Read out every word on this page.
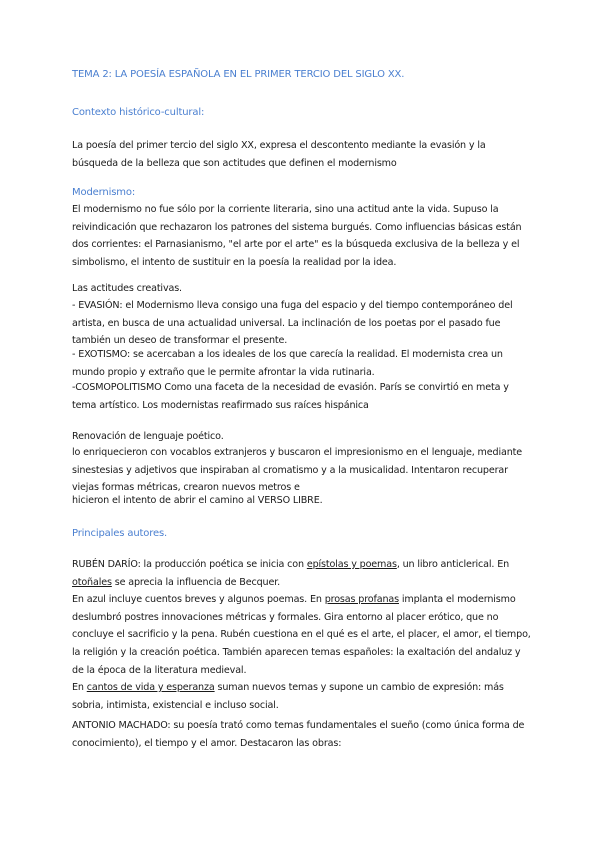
TEMA 2: LA POESÍA ESPAÑOLA EN EL PRIMER TERCIO DEL SIGLO XX.
Contexto histórico-cultural:

La poesía del primer tercio del siglo XX, expresa el descontento mediante la evasión y la búsqueda de la belleza que son actitudes que definen el modernismo

Modernismo:

El modernismo no fue sólo por la corriente literaria, sino una actitud ante la vida. Supuso la reivindicación que rechazaron los patrones del sistema burgués. Como influencias básicas están dos corrientes: el Parnasianismo, "el arte por el arte" es la búsqueda exclusiva de la belleza y el simbolismo, el intento de sustituir en la poesía la realidad por la idea.

Las actitudes creativas.

- EVASIÓN: el Modernismo lleva consigo una fuga del espacio y del tiempo contemporáneo del artista, en busca de una actualidad universal. La inclinación de los poetas por el pasado fue también un deseo de transformar el presente.

- EXOTISMO: se acercaban a los ideales de los que carecía la realidad. El modernista crea un mundo propio y extraño que le permite afrontar la vida rutinaria.

-COSMOPOLITISMO Como una faceta de la necesidad de evasión. París se convirtió en meta y tema artístico. Los modernistas reafirmado sus raíces hispánica

Renovación de lenguaje poético.

lo enriquecieron con vocablos extranjeros y buscaron el impresionismo en el lenguaje, mediante sinestesias y adjetivos que inspiraban al cromatismo y a la musicalidad. Intentaron recuperar viejas formas métricas, crearon nuevos metros e

hicieron el intento de abrir el camino al VERSO LIBRE.

Principales autores.

RUBÉN DARÍO: la producción poética se inicia con epístolas y poemas, un libro anticlerical. En otoñales se aprecia la influencia de Becquer.
En azul incluye cuentos breves y algunos poemas. En prosas profanas implanta el modernismo deslumbró postres innovaciones métricas y formales. Gira entorno al placer erótico, que no concluye el sacrificio y la pena. Rubén cuestiona en el qué es el arte, el placer, el amor, el tiempo, la religión y la creación poética. También aparecen temas españoles: la exaltación del andaluz y de la época de la literatura medieval.
En cantos de vida y esperanza suman nuevos temas y supone un cambio de expresión: más sobria, intimista, existencial e incluso social.

ANTONIO MACHADO: su poesía trató como temas fundamentales el sueño (como única forma de conocimiento), el tiempo y el amor. Destacaron las obras:
